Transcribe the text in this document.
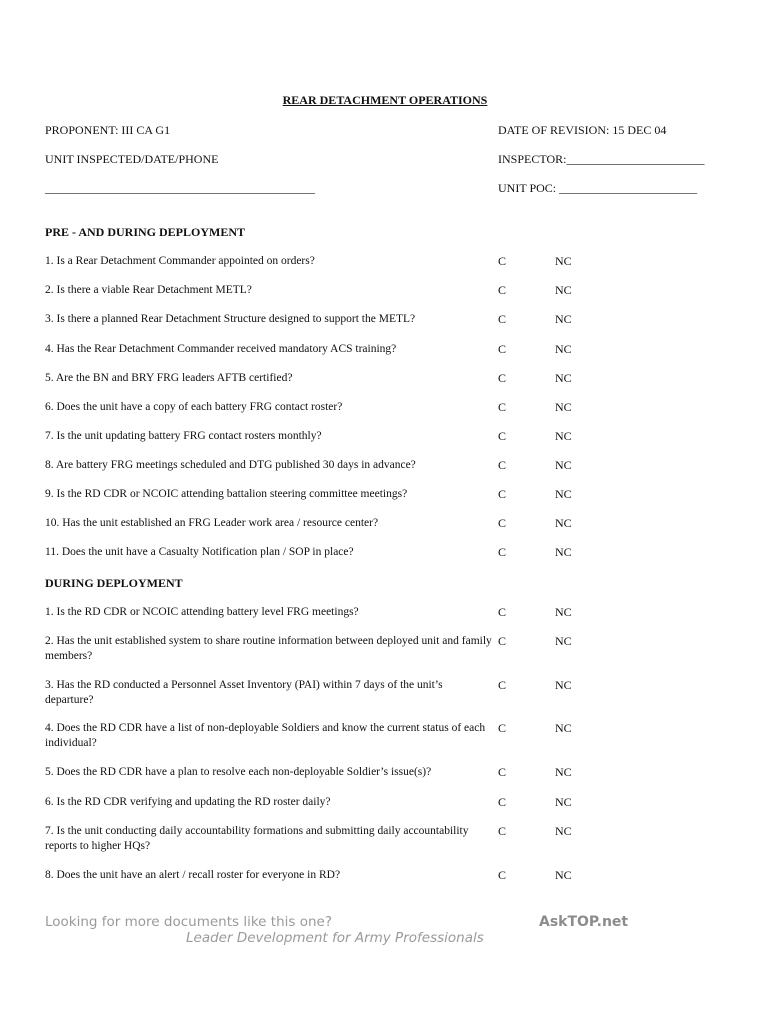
REAR DETACHMENT OPERATIONS
PROPONENT: III CA G1	DATE OF REVISION: 15 DEC 04
UNIT INSPECTED/DATE/PHONE	INSPECTOR:_______________________
_____________________________________________	UNIT POC: _______________________
PRE - AND DURING DEPLOYMENT
1. Is a Rear Detachment Commander appointed on orders?	C	NC
2. Is there a viable Rear Detachment METL?	C	NC
3. Is there a planned Rear Detachment Structure designed to support the METL?	C	NC
4. Has the Rear Detachment Commander received mandatory ACS training?	C	NC
5. Are the BN and BRY FRG leaders AFTB certified?	C	NC
6. Does the unit have a copy of each battery FRG contact roster?	C	NC
7. Is the unit updating battery FRG contact rosters monthly?	C	NC
8. Are battery FRG meetings scheduled and DTG published 30 days in advance?	C	NC
9. Is the RD CDR or NCOIC attending battalion steering committee meetings?	C	NC
10. Has the unit established an FRG Leader work area / resource center?	C	NC
11. Does the unit have a Casualty Notification plan / SOP in place?	C	NC
DURING DEPLOYMENT
1. Is the RD CDR or NCOIC attending battery level FRG meetings?	C	NC
2. Has the unit established system to share routine information between deployed unit and family members?
C	NC
3. Has the RD conducted a Personnel Asset Inventory (PAI) within 7 days of the unit’s departure?
C	NC
4. Does the RD CDR have a list of non-deployable Soldiers and know the current status of each individual?
C	NC
5. Does the RD CDR have a plan to resolve each non-deployable Soldier’s issue(s)?	C	NC
6. Is the RD CDR verifying and updating the RD roster daily?	C	NC
7. Is the unit conducting daily accountability formations and submitting daily accountability reports to higher HQs?
C	NC
8. Does the unit have an alert / recall roster for everyone in RD?	C	NC
Looking for more documents like this one?	AskTOP.net
Leader Development for Army Professionals
